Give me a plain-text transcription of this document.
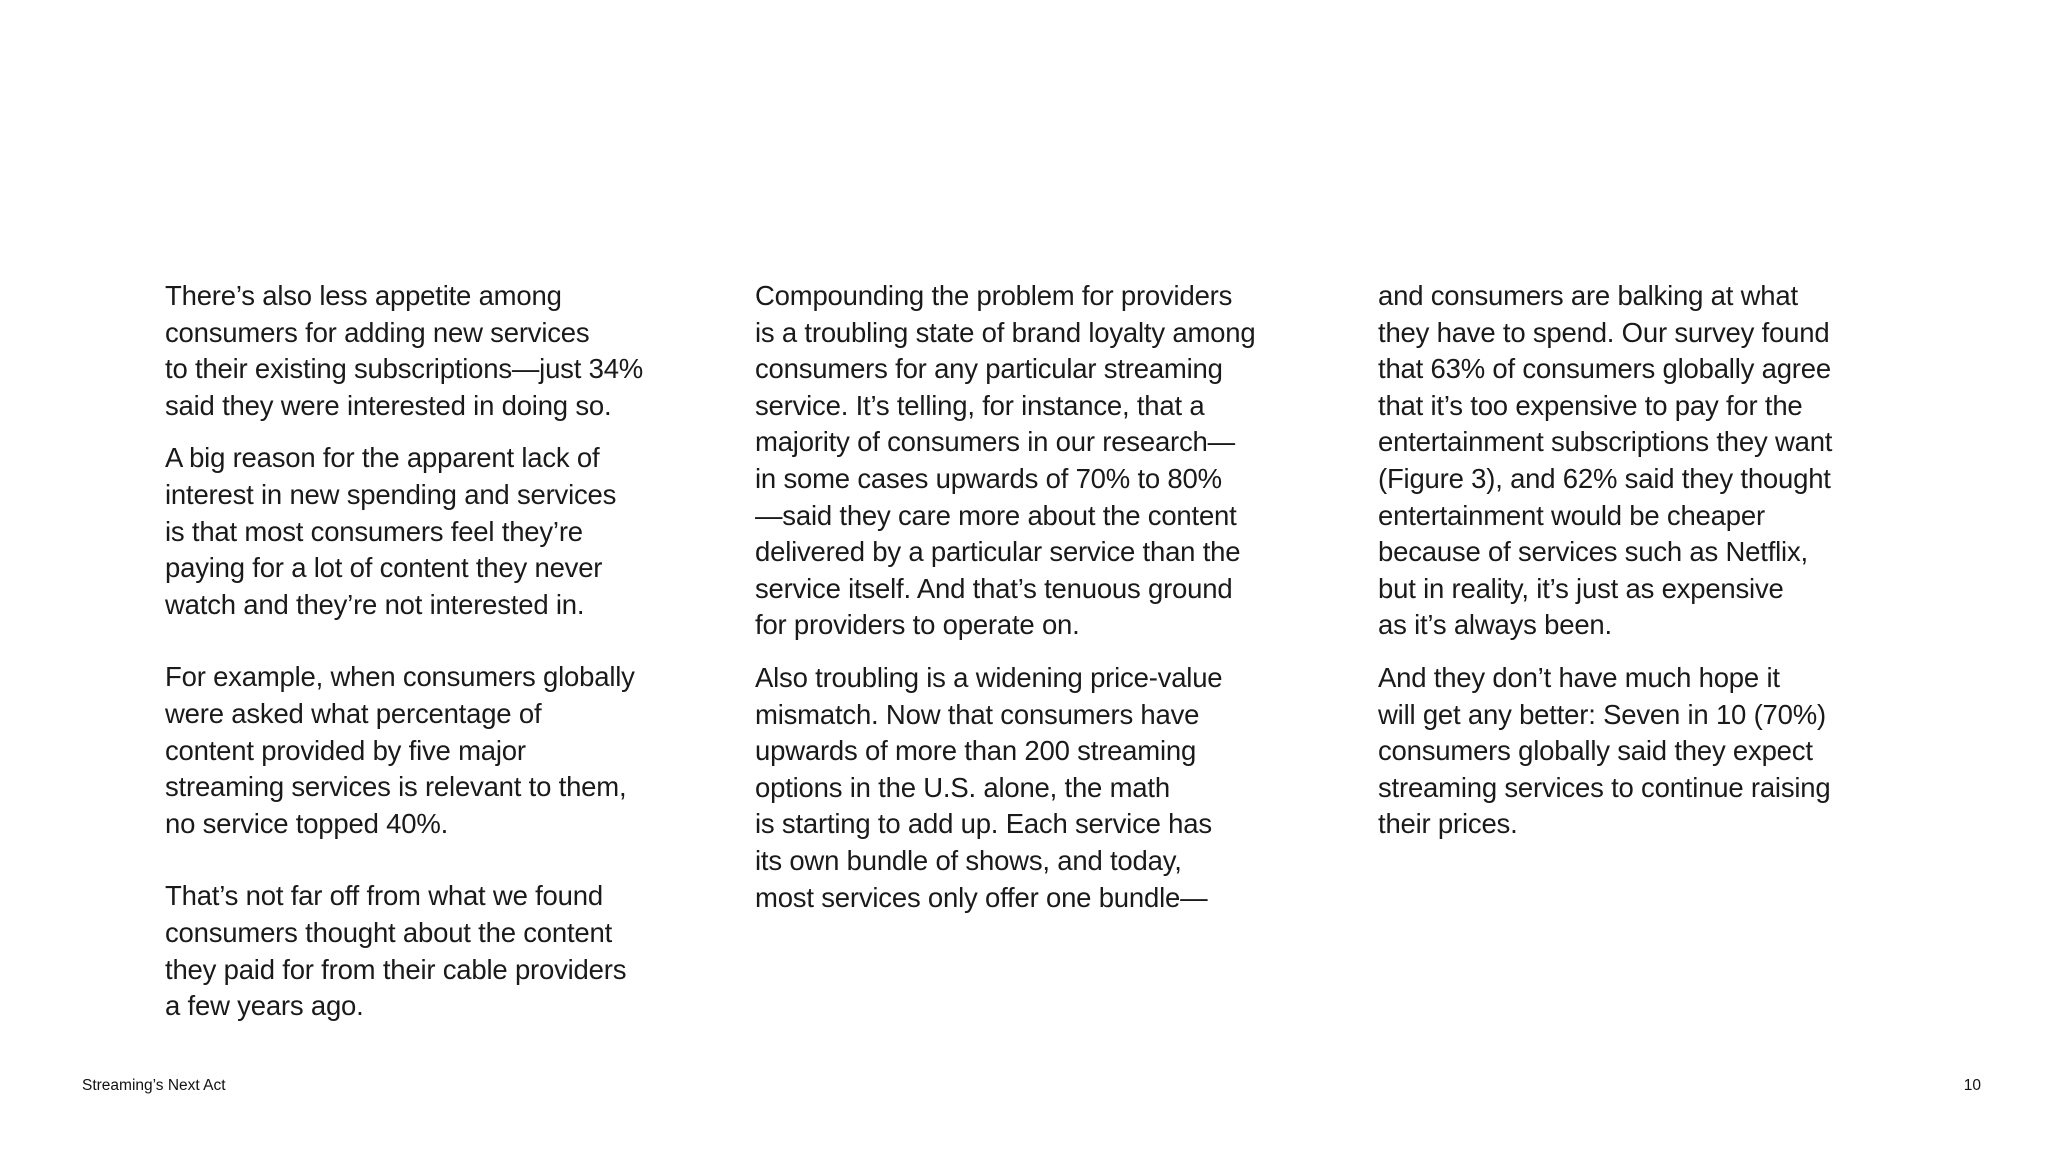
There’s also less appetite among
consumers for adding new services
to their existing subscriptions—just 34%
said they were interested in doing so.

A big reason for the apparent lack of
interest in new spending and services
is that most consumers feel they’re
paying for a lot of content they never
watch and they’re not interested in.

For example, when consumers globally
were asked what percentage of
content provided by five major
streaming services is relevant to them,
no service topped 40%.

That’s not far off from what we found
consumers thought about the content
they paid for from their cable providers
a few years ago.

Compounding the problem for providers
is a troubling state of brand loyalty among
consumers for any particular streaming
service. It’s telling, for instance, that a
majority of consumers in our research—
in some cases upwards of 70% to 80%
—said they care more about the content
delivered by a particular service than the
service itself. And that’s tenuous ground
for providers to operate on.

Also troubling is a widening price-value
mismatch. Now that consumers have
upwards of more than 200 streaming
options in the U.S. alone, the math
is starting to add up. Each service has
its own bundle of shows, and today,
most services only offer one bundle—

and consumers are balking at what
they have to spend. Our survey found
that 63% of consumers globally agree
that it’s too expensive to pay for the
entertainment subscriptions they want
(Figure 3), and 62% said they thought
entertainment would be cheaper
because of services such as Netflix,
but in reality, it’s just as expensive
as it’s always been.

And they don’t have much hope it
will get any better: Seven in 10 (70%)
consumers globally said they expect
streaming services to continue raising
their prices.

Streaming’s Next Act	10
